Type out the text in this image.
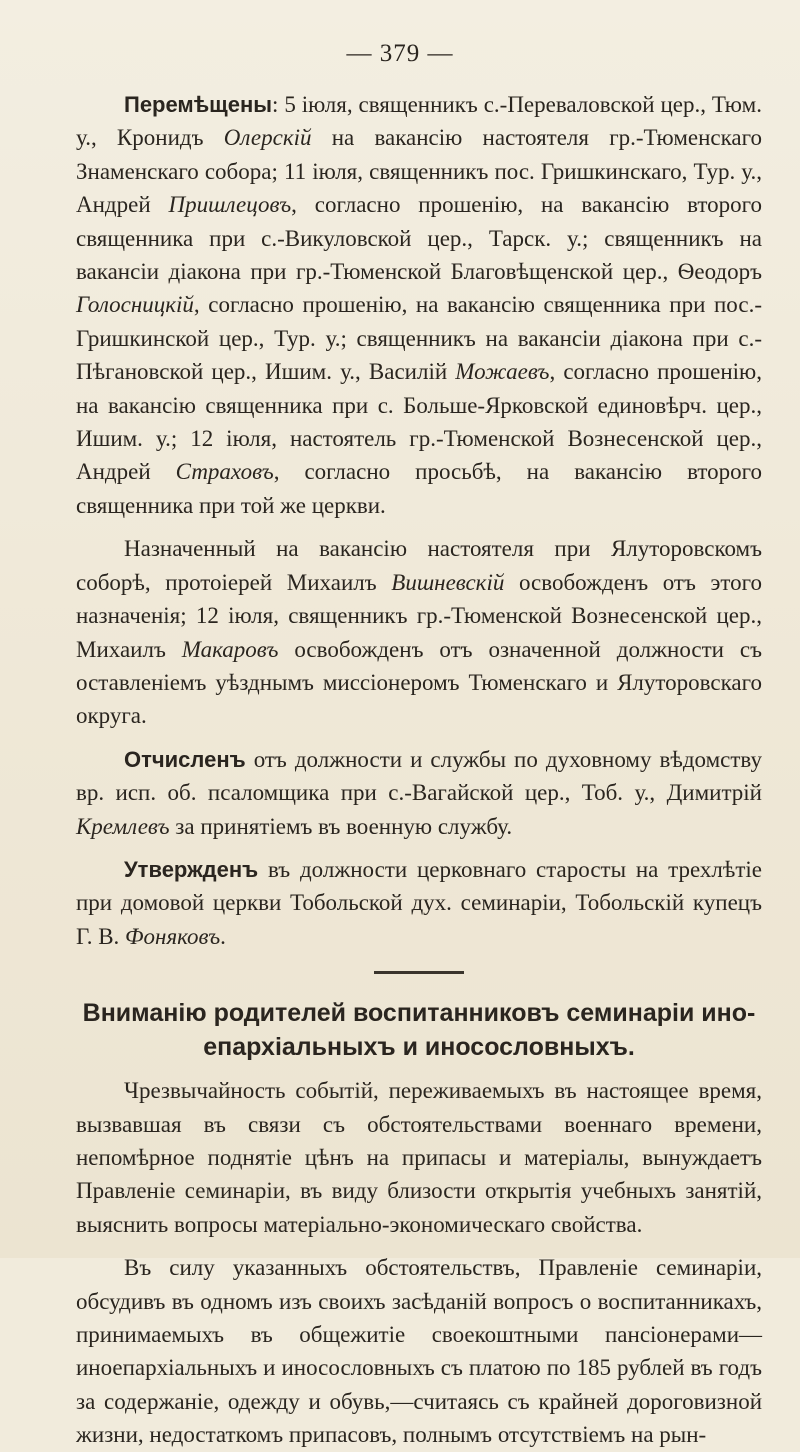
— 379 —

Перемѣщены: 5 іюля, священникъ с.-Переваловской цер., Тюм. у., Кронидъ Олерскій на вакансію настоятеля гр.-Тюменскаго Знаменскаго собора; 11 іюля, священникъ пос. Гришкинскаго, Тур. у., Андрей Пришлецовъ, согласно прошенію, на вакансію второго священника при с.-Викуловской цер., Тарск. у.; священникъ на вакансіи діакона при гр.-Тюменской Благовѣщенской цер., Ѳеодоръ Голосницкій, согласно прошенію, на вакансію священника при пос.-Гришкинской цер., Тур. у.; священникъ на вакансіи діакона при с.-Пѣгановской цер., Ишим. у., Василій Можаевъ, согласно прошенію, на вакансію священника при с. Больше-Ярковской единовѣрч. цер., Ишим. у.; 12 іюля, настоятель гр.-Тюменской Вознесенской цер., Андрей Страховъ, согласно просьбѣ, на вакансію второго священника при той же церкви.

Назначенный на вакансію настоятеля при Ялуторовскомъ соборѣ, протоіерей Михаилъ Вишневскій освобожденъ отъ этого назначенія; 12 іюля, священникъ гр.-Тюменской Вознесенской цер., Михаилъ Макаровъ освобожденъ отъ означенной должности съ оставленіемъ уѣзднымъ миссіонеромъ Тюменскаго и Ялуторовскаго округа.

Отчисленъ отъ должности и службы по духовному вѣдомству вр. исп. об. псаломщика при с.-Вагайской цер., Тоб. у., Димитрій Кремлевъ за принятіемъ въ военную службу.

Утвержденъ въ должности церковнаго старосты на трехлѣтіе при домовой церкви Тобольской дух. семинаріи, Тобольскій купецъ Г. В. Фоняковъ.

Вниманію родителей воспитанниковъ семинаріи ино-

епархіальныхъ и иносословныхъ.

Чрезвычайность событій, переживаемыхъ въ настоящее время, вызвавшая въ связи съ обстоятельствами военнаго времени, непомѣрное поднятіе цѣнъ на припасы и матеріалы, вынуждаетъ Правленіе семинаріи, въ виду близости открытія учебныхъ занятій, выяснить вопросы матеріально-экономическаго свойства.

Въ силу указанныхъ обстоятельствъ, Правленіе семинаріи, обсудивъ въ одномъ изъ своихъ засѣданій вопросъ о воспитанникахъ, принимаемыхъ въ общежитіе своекоштными пансіонерами—иноепархіальныхъ и иносословныхъ съ платою по 185 рублей въ годъ за содержаніе, одежду и обувь,—считаясь съ крайней дороговизной жизни, недостаткомъ припасовъ, полнымъ отсутствіемъ на рын-
